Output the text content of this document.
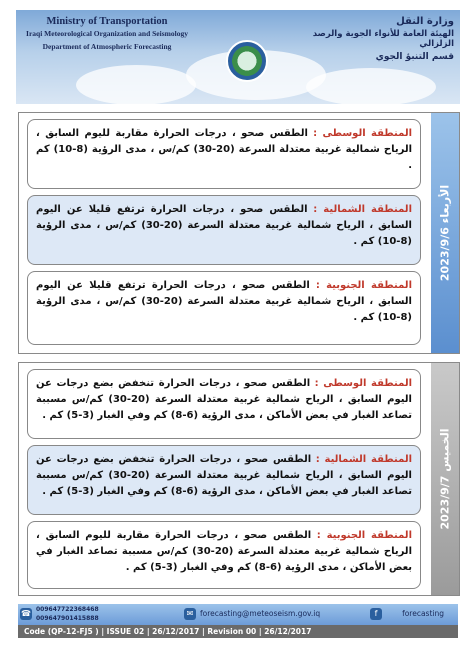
Ministry of Transportation
Iraqi Meteorological Organization and Seismology
Department of Atmospheric Forecasting
وزارة النقل
الهيئة العامة للأنواء الجوية والرصد الزلزالي
قسم التنبؤ الجوي
المنطقة الوسطى : الطقس صحو ، درجات الحرارة مقاربة لليوم السابق ، الرياح شمالية غربية معتدلة السرعة (20-30) كم/س ، مدى الرؤية (8-10) كم .
المنطقة الشمالية : الطقس صحو ، درجات الحرارة ترتفع قليلا عن اليوم السابق ، الرياح شمالية غربية معتدلة السرعة (20-30) كم/س ، مدى الرؤية (8-10) كم .
المنطقة الجنوبية : الطقس صحو ، درجات الحرارة ترتفع قليلا عن اليوم السابق ، الرياح شمالية غربية معتدلة السرعة (20-30) كم/س ، مدى الرؤية (8-10) كم .
الأربعاء 2023/9/6
المنطقة الوسطى : الطقس صحو ، درجات الحرارة تنخفض بضع درجات عن اليوم السابق ، الرياح شمالية غربية معتدلة السرعة (20-30) كم/س مسببة تصاعد الغبار في بعض الأماكن ، مدى الرؤية (6-8) كم وفي الغبار (3-5) كم .
المنطقة الشمالية : الطقس صحو ، درجات الحرارة تنخفض بضع درجات عن اليوم السابق ، الرياح شمالية غربية معتدلة السرعة (20-30) كم/س مسببة تصاعد الغبار في بعض الأماكن ، مدى الرؤية (6-8) كم وفي الغبار (3-5) كم .
المنطقة الجنوبية : الطقس صحو ، درجات الحرارة مقاربة لليوم السابق ، الرياح شمالية غربية معتدلة السرعة (20-30) كم/س مسببة تصاعد الغبار في بعض الأماكن ، مدى الرؤية (6-8) كم وفي الغبار (3-5) كم .
الخميس 2023/9/7
☎ 009647722368468
009647901415888
✉ forecasting@meteoseism.gov.iq	f	forecasting
Code (QP-12-FJ5 ) | ISSUE 02 | 26/12/2017 | Revision 00 | 26/12/2017
